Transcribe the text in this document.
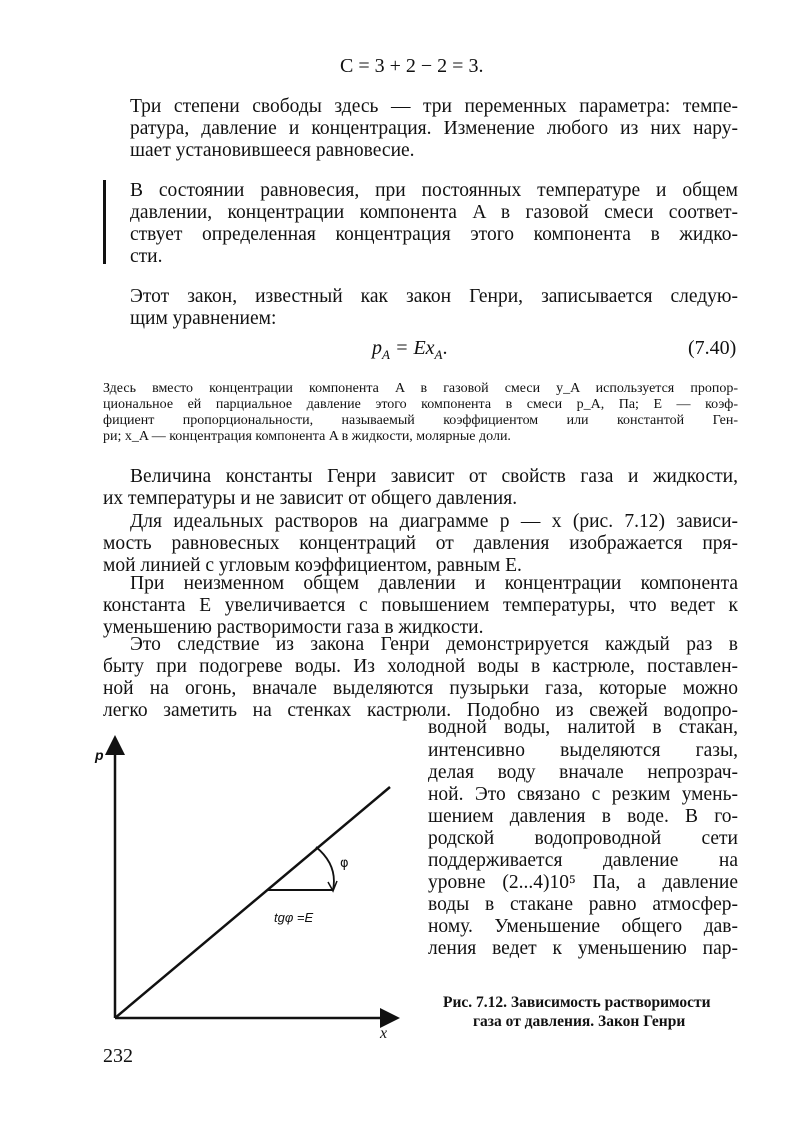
C = 3 + 2 − 2 = 3.
Три степени свободы здесь — три переменных параметра: темпе-
ратура, давление и концентрация. Изменение любого из них нару-
шает установившееся равновесие.
В состоянии равновесия, при постоянных температуре и общем
давлении, концентрации компонента A в газовой смеси соответ-
ствует определенная концентрация этого компонента в жидко-
сти.
Этот закон, известный как закон Генри, записывается следую-
щим уравнением:
$p_A = Ex_A$.	(7.40)
Здесь вместо концентрации компонента A в газовой смеси y_A используется пропор-
циональное ей парциальное давление этого компонента в смеси p_A, Па; E — коэф-
фициент пропорциональности, называемый коэффициентом или константой Ген-
ри; x_A — концентрация компонента A в жидкости, молярные доли.
Величина константы Генри зависит от свойств газа и жидкости,
их температуры и не зависит от общего давления.
Для идеальных растворов на диаграмме p — x (рис. 7.12) зависи-
мость равновесных концентраций от давления изображается пря-
мой линией с угловым коэффициентом, равным E.
При неизменном общем давлении и концентрации компонента
константа E увеличивается с повышением температуры, что ведет к
уменьшению растворимости газа в жидкости.
Это следствие из закона Генри демонстрируется каждый раз в
быту при подогреве воды. Из холодной воды в кастрюле, поставлен-
ной на огонь, вначале выделяются пузырьки газа, которые можно
легко заметить на стенках кастрюли. Подобно из свежей водопро-
водной воды, налитой в стакан,
интенсивно выделяются газы,
делая воду вначале непрозрач-
ной. Это связано с резким умень-
шением давления в воде. В го-
родской водопроводной сети
поддерживается давление на
уровне (2...4)10⁵ Па, а давление
воды в стакане равно атмосфер-
ному. Уменьшение общего дав-
ления ведет к уменьшению пар-
p
x
φ
tgφ =E
Рис. 7.12. Зависимость растворимости
газа от давления. Закон Генри
232
